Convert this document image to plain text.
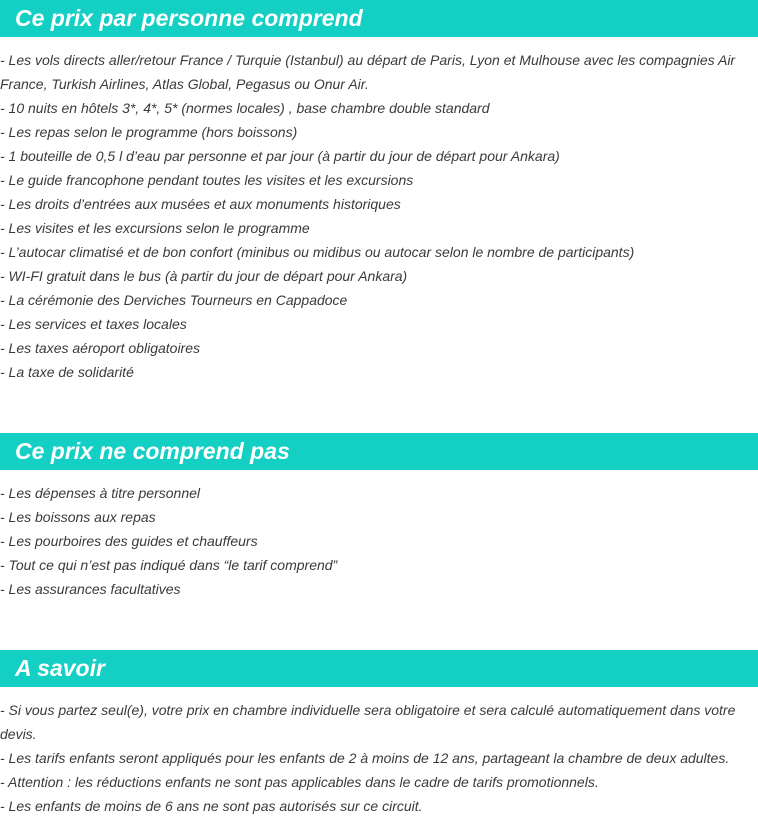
Ce prix par personne comprend
- Les vols directs aller/retour France / Turquie (Istanbul) au départ de Paris, Lyon et Mulhouse avec les compagnies Air France, Turkish Airlines, Atlas Global, Pegasus ou Onur Air.
- 10 nuits en hôtels 3*, 4*, 5* (normes locales) , base chambre double standard
- Les repas selon le programme (hors boissons)
- 1 bouteille de 0,5 l d’eau par personne et par jour (à partir du jour de départ pour Ankara)
- Le guide francophone pendant toutes les visites et les excursions
- Les droits d’entrées aux musées et aux monuments historiques
- Les visites et les excursions selon le programme
- L’autocar climatisé et de bon confort (minibus ou midibus ou autocar selon le nombre de participants)
- WI-FI gratuit dans le bus (à partir du jour de départ pour Ankara)
- La cérémonie des Derviches Tourneurs en Cappadoce
- Les services et taxes locales
- Les taxes aéroport obligatoires
- La taxe de solidarité
Ce prix ne comprend pas
- Les dépenses à titre personnel
- Les boissons aux repas
- Les pourboires des guides et chauffeurs
- Tout ce qui n’est pas indiqué dans “le tarif comprend”
- Les assurances facultatives
A savoir
- Si vous partez seul(e), votre prix en chambre individuelle sera obligatoire et sera calculé automatiquement dans votre devis.
- Les tarifs enfants seront appliqués pour les enfants de 2 à moins de 12 ans, partageant la chambre de deux adultes.
- Attention : les réductions enfants ne sont pas applicables dans le cadre de tarifs promotionnels.
- Les enfants de moins de 6 ans ne sont pas autorisés sur ce circuit.
